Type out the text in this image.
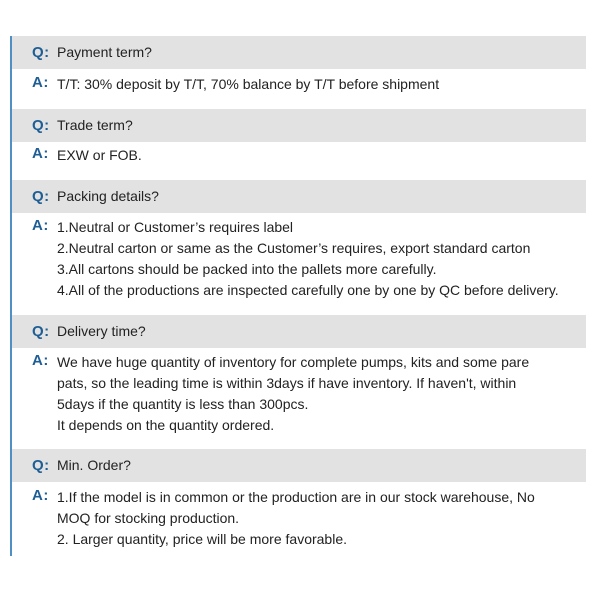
Q: Payment term?
A: T/T: 30% deposit by T/T, 70% balance by T/T before shipment
Q: Trade term?
A: EXW or FOB.
Q: Packing details?
A: 1.Neutral or Customer’s requires label
2.Neutral carton or same as the Customer’s requires, export standard carton
3.All cartons should be packed into the pallets more carefully.
4.All of the productions are inspected carefully one by one by QC before delivery.
Q: Delivery time?
A: We have huge quantity of inventory for complete pumps, kits and some pare
pats, so the leading time is within 3days if have inventory. If haven't, within
5days if the quantity is less than 300pcs.
It depends on the quantity ordered.
Q: Min. Order?
A: 1.If the model is in common or the production are in our stock warehouse, No
MOQ for stocking production.
2. Larger quantity, price will be more favorable.
